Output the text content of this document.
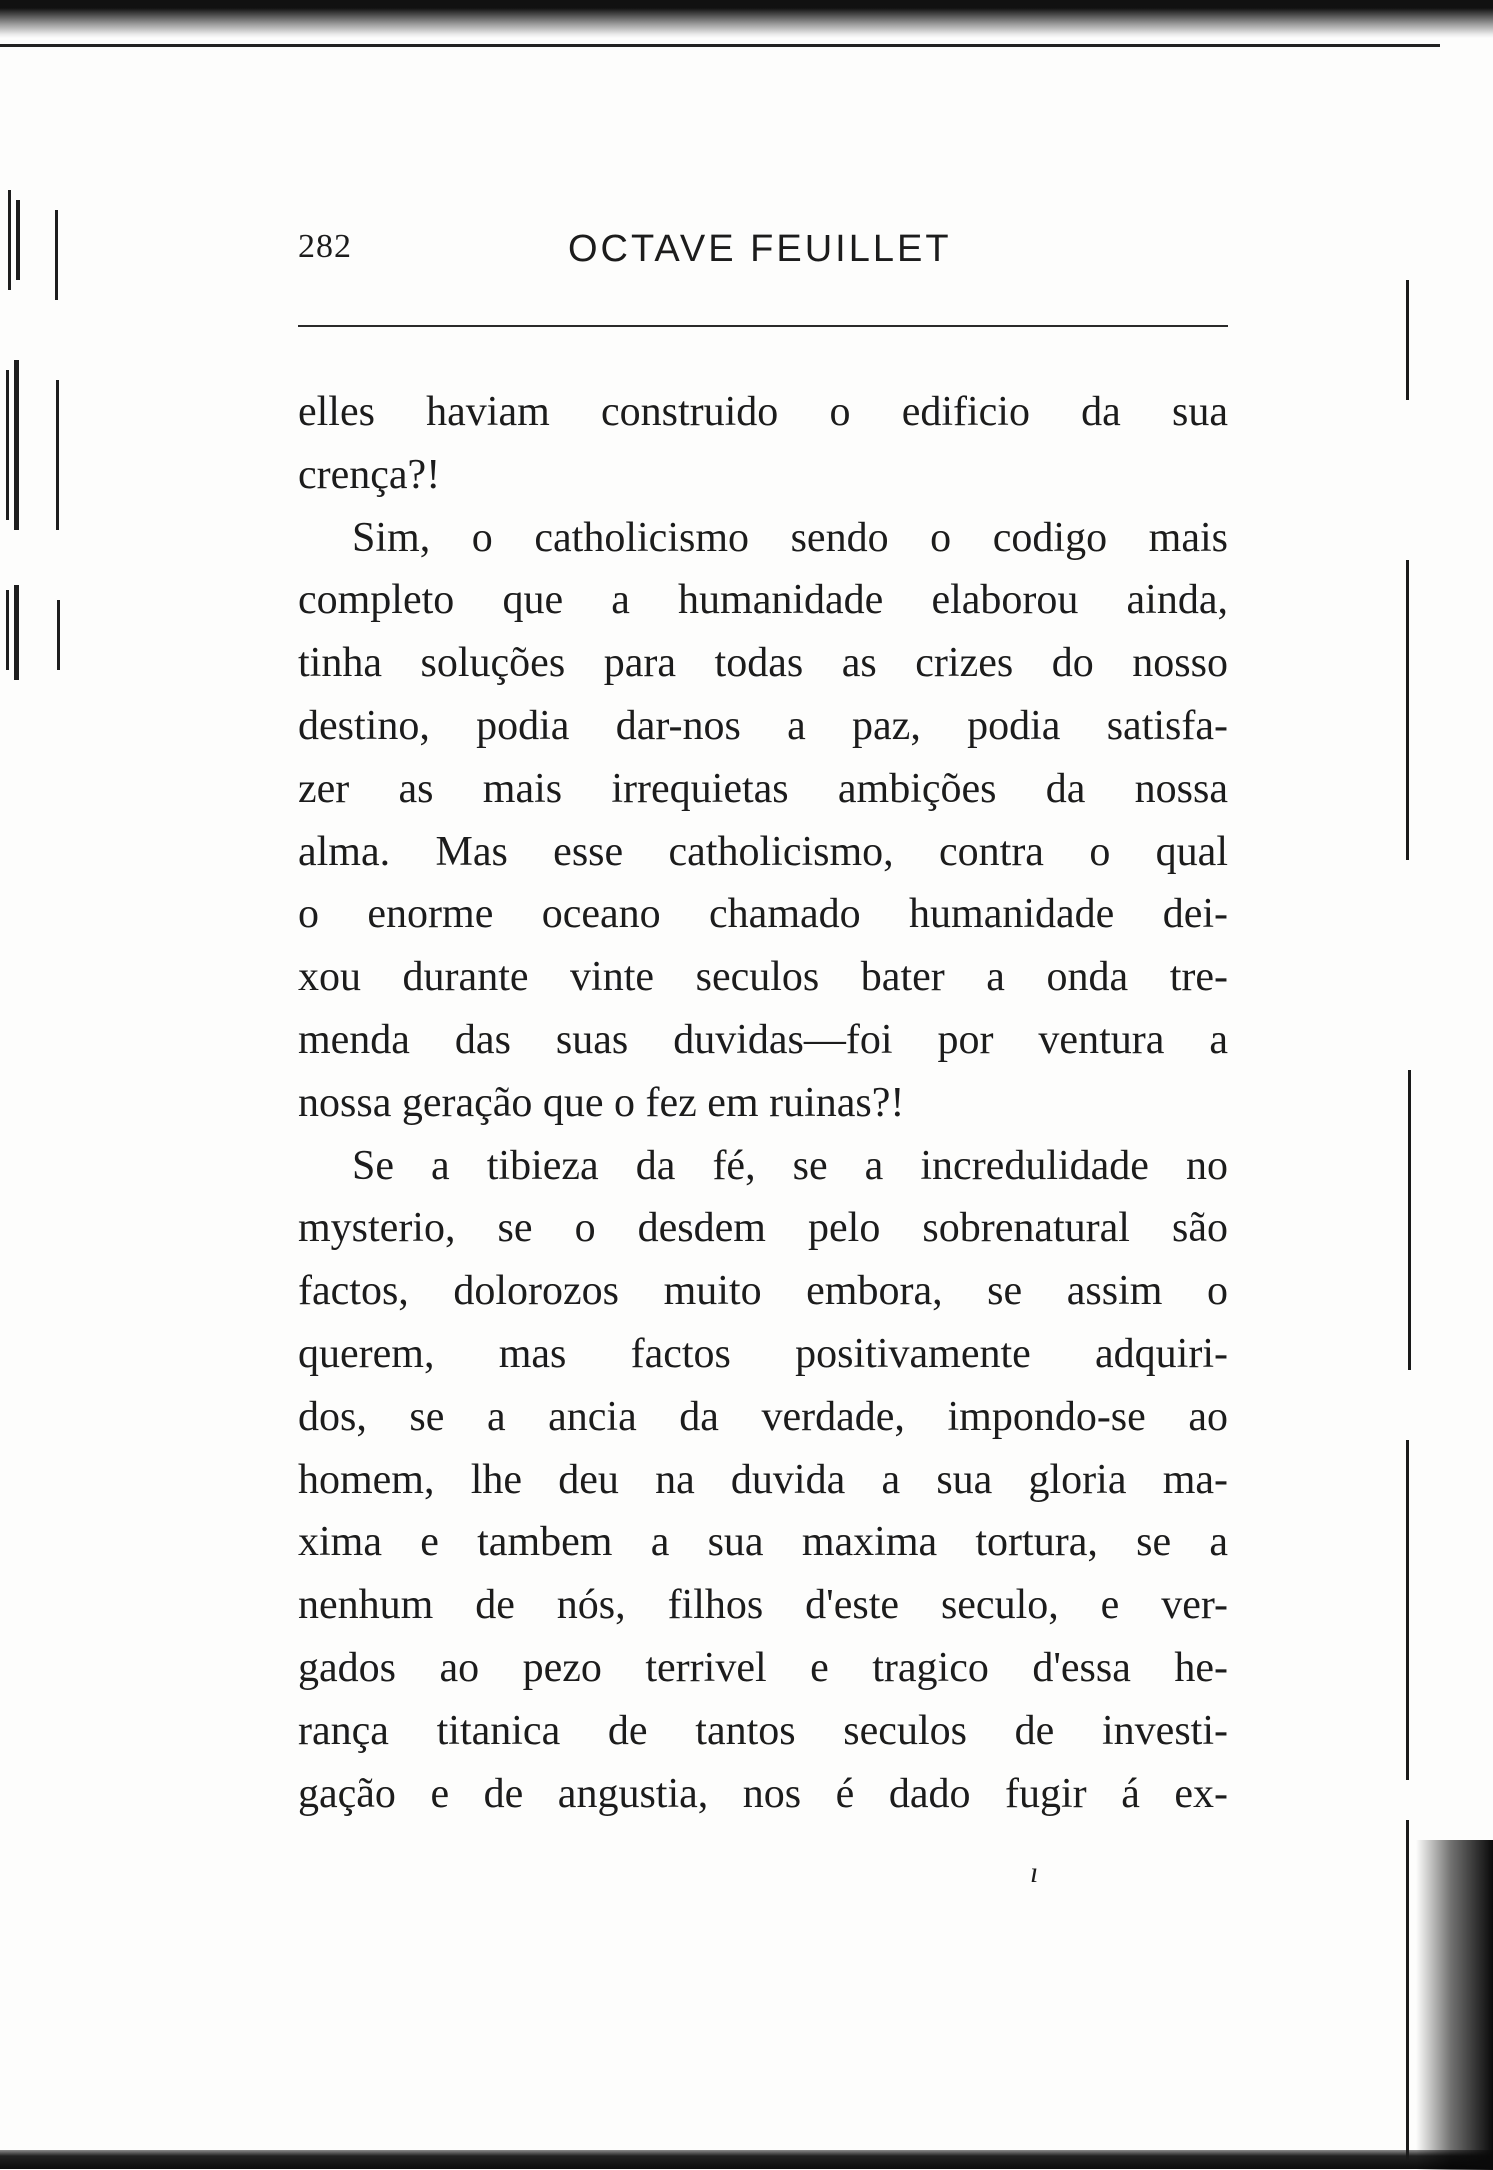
282	OCTAVE FEUILLET
elles haviam construido o edificio da sua
crença?!
Sim, o catholicismo sendo o codigo mais
completo que a humanidade elaborou ainda,
tinha soluções para todas as crizes do nosso
destino, podia dar-nos a paz, podia satisfa-
zer as mais irrequietas ambições da nossa
alma. Mas esse catholicismo, contra o qual
o enorme oceano chamado humanidade dei-
xou durante vinte seculos bater a onda tre-
menda das suas duvidas—foi por ventura a
nossa geração que o fez em ruinas?!
Se a tibieza da fé, se a incredulidade no
mysterio, se o desdem pelo sobrenatural são
factos, dolorozos muito embora, se assim o
querem, mas factos positivamente adquiri-
dos, se a ancia da verdade, impondo-se ao
homem, lhe deu na duvida a sua gloria ma-
xima e tambem a sua maxima tortura, se a
nenhum de nós, filhos d'este seculo, e ver-
gados ao pezo terrivel e tragico d'essa he-
rança titanica de tantos seculos de investi-
gação e de angustia, nos é dado fugir á ex-
ı
